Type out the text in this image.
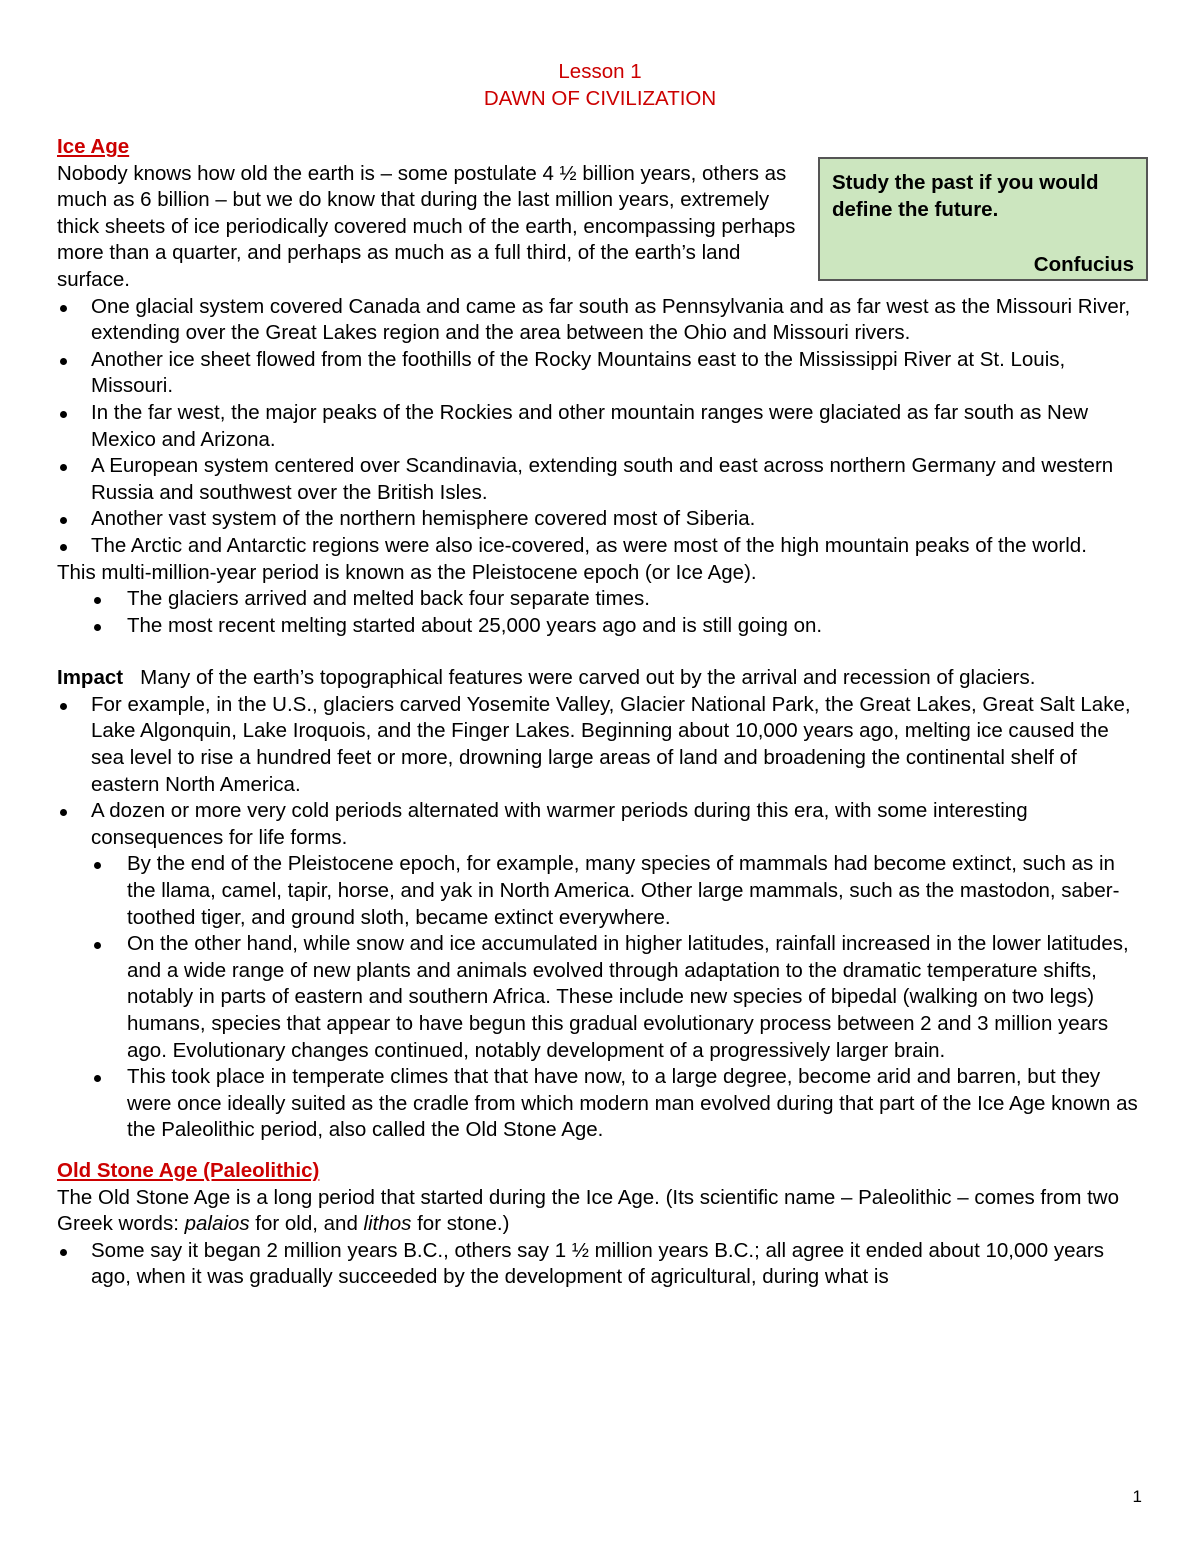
Lesson 1
DAWN OF CIVILIZATION
Study the past if you would define the future.
Confucius
Ice Age

Nobody knows how old the earth is – some postulate 4 ½ billion years, others as much as 6 billion – but we do know that during the last million years, extremely thick sheets of ice periodically covered much of the earth, encompassing perhaps more than a quarter, and perhaps as much as a full third, of the earth’s land surface.

One glacial system covered Canada and came as far south as Pennsylvania and as far west as the Missouri River, extending over the Great Lakes region and the area between the Ohio and Missouri rivers.
Another ice sheet flowed from the foothills of the Rocky Mountains east to the Mississippi River at St. Louis, Missouri.
In the far west, the major peaks of the Rockies and other mountain ranges were glaciated as far south as New Mexico and Arizona.
A European system centered over Scandinavia, extending south and east across northern Germany and western Russia and southwest over the British Isles.
Another vast system of the northern hemisphere covered most of Siberia.
The Arctic and Antarctic regions were also ice-covered, as were most of the high mountain peaks of the world.

This multi-million-year period is known as the Pleistocene epoch (or Ice Age).

The glaciers arrived and melted back four separate times.
The most recent melting started about 25,000 years ago and is still going on.

Impact Many of the earth’s topographical features were carved out by the arrival and recession of glaciers.

For example, in the U.S., glaciers carved Yosemite Valley, Glacier National Park, the Great Lakes, Great Salt Lake, Lake Algonquin, Lake Iroquois, and the Finger Lakes. Beginning about 10,000 years ago, melting ice caused the sea level to rise a hundred feet or more, drowning large areas of land and broadening the continental shelf of eastern North America.
A dozen or more very cold periods alternated with warmer periods during this era, with some interesting consequences for life forms.
By the end of the Pleistocene epoch, for example, many species of mammals had become extinct, such as in the llama, camel, tapir, horse, and yak in North America. Other large mammals, such as the mastodon, saber-toothed tiger, and ground sloth, became extinct everywhere.
On the other hand, while snow and ice accumulated in higher latitudes, rainfall increased in the lower latitudes, and a wide range of new plants and animals evolved through adaptation to the dramatic temperature shifts, notably in parts of eastern and southern Africa. These include new species of bipedal (walking on two legs) humans, species that appear to have begun this gradual evolutionary process between 2 and 3 million years ago. Evolutionary changes continued, notably development of a progressively larger brain.
This took place in temperate climes that that have now, to a large degree, become arid and barren, but they were once ideally suited as the cradle from which modern man evolved during that part of the Ice Age known as the Paleolithic period, also called the Old Stone Age.
Old Stone Age (Paleolithic)

The Old Stone Age is a long period that started during the Ice Age. (Its scientific name – Paleolithic – comes from two Greek words: palaios for old, and lithos for stone.)

Some say it began 2 million years B.C., others say 1 ½ million years B.C.; all agree it ended about 10,000 years ago, when it was gradually succeeded by the development of agricultural, during what is
1
